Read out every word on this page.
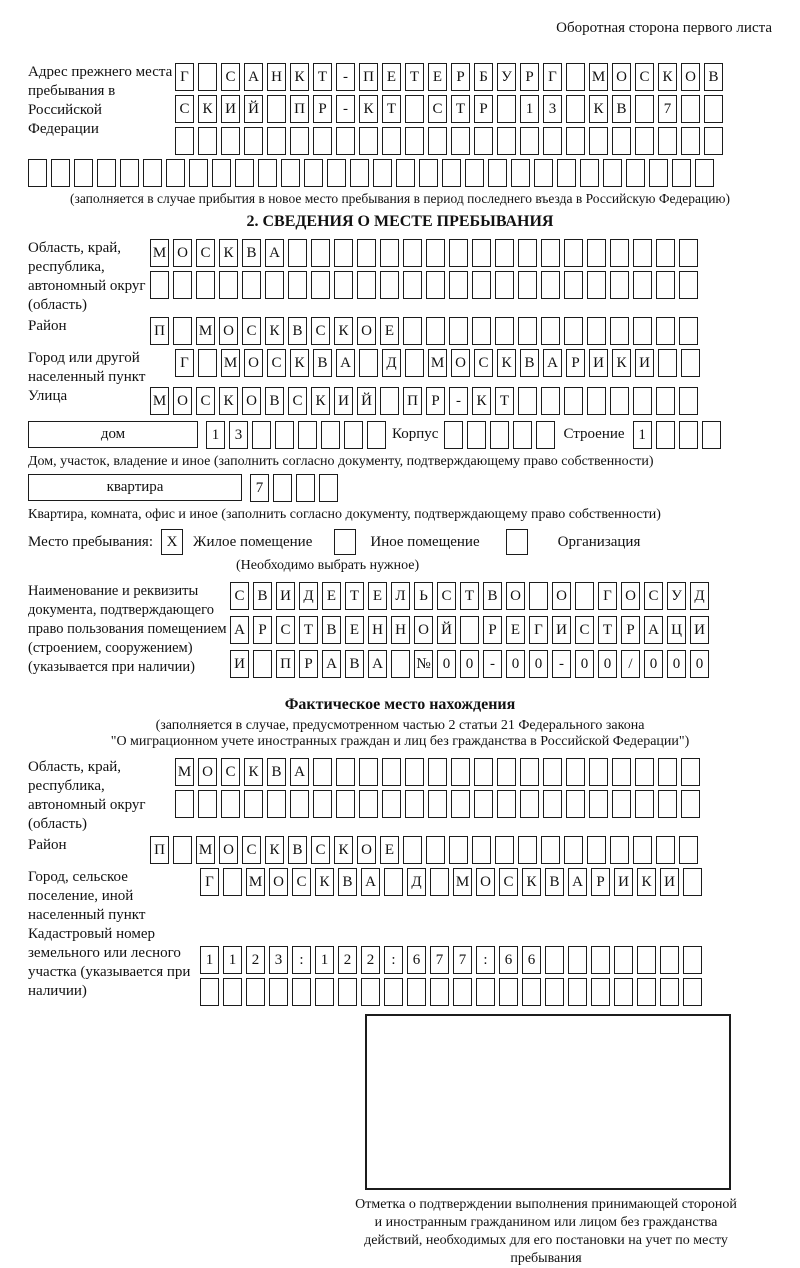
Оборотная сторона первого листа
Адрес прежнего места пребывания в Российской Федерации
Г	С А Н К Т	-	П Е Т Е Р Б У Р Г	М О С К О В
С К И Й П Р	-	К Т	С Т Р	1	3	К В	7
(заполняется в случае прибытия в новое место пребывания в период последнего въезда в Российскую Федерацию)
2. СВЕДЕНИЯ О МЕСТЕ ПРЕБЫВАНИЯ
Область, край, республика, автономный округ (область)
М О С К В А
Район	П М О С К В С К О Е
Город или другой населенный пункт
Г	М О С К В А Д М О С К В А Р И К И
Улица	М О С К О В С К И Й П Р	-	К Т
дом	1	3	Корпус	Строение 1
Дом, участок, владение и иное (заполнить согласно документу, подтверждающему право собственности)
квартира	7
Квартира, комната, офис и иное (заполнить согласно документу, подтверждающему право собственности)
Место пребывания: X	Жилое помещение	Иное помещение	Организация
(Необходимо выбрать нужное)
Наименование и реквизиты документа, подтверждающего право пользования помещением (строением, сооружением) (указывается при наличии)
С В И Д Е Т Е Л Ь С Т В О О	Г О С У Д
А Р С Т В Е Н Н О Й	Р Е Г И С Т Р А Ц И
И П Р А В А № 0	0	-	0	0	-	0	0	/	0	0	0
Фактическое место нахождения
(заполняется в случае, предусмотренном частью 2 статьи 21 Федерального закона
"О миграционном учете иностранных граждан и лиц без гражданства в Российской Федерации")
Область, край, республика, автономный округ (область)
М О С К В А
Район	П М О С К В С К О Е
Город, сельское поселение, иной населенный пункт
Г	М О С К В А Д М О С К В А Р И К И
Кадастровый номер земельного или лесного участка (указывается при наличии)
1	1	2	3	:	1	2	2	:	6	7	7	:	6	6
Отметка о подтверждении выполнения принимающей стороной и иностранным гражданином или лицом без гражданства действий, необходимых для его постановки на учет по месту пребывания
